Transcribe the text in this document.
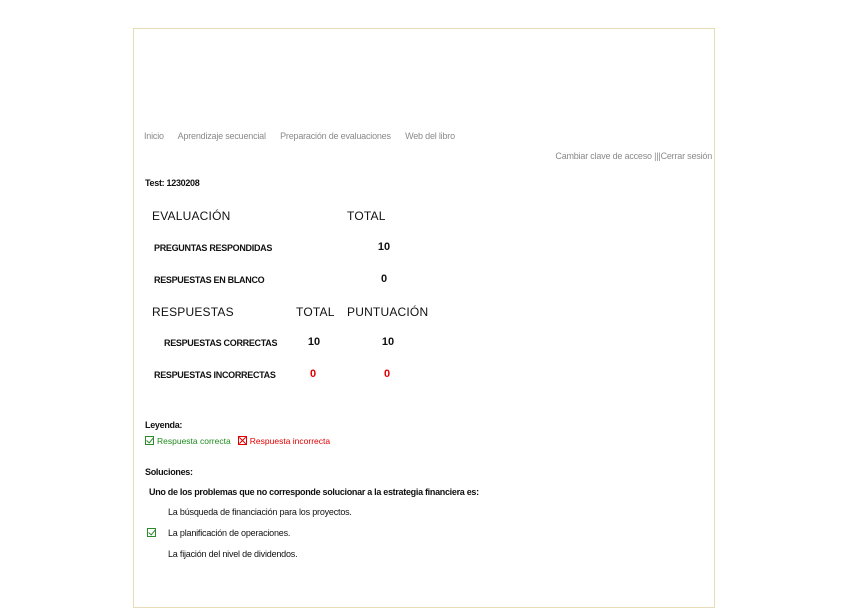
Inicio Aprendizaje secuencial Preparación de evaluaciones Web del libro
Cambiar clave de acceso |||Cerrar sesión
Test: 1230208
EVALUACIÓN	TOTAL
PREGUNTAS RESPONDIDAS	10
RESPUESTAS EN BLANCO	0
RESPUESTAS	TOTAL PUNTUACIÓN
RESPUESTAS CORRECTAS	10	10
RESPUESTAS INCORRECTAS	0	0
Leyenda:
Respuesta correcta Respuesta incorrecta
Soluciones:
Uno de los problemas que no corresponde solucionar a la estrategia financiera es:
La búsqueda de financiación para los proyectos.
La planificación de operaciones.
La fijación del nivel de dividendos.
